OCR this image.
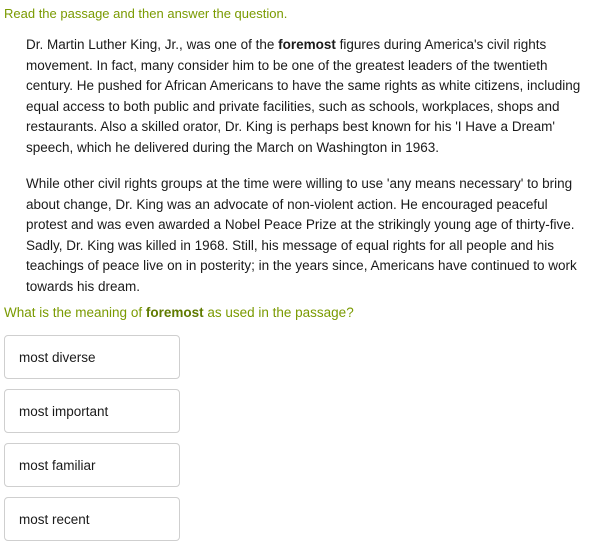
Read the passage and then answer the question.

Dr. Martin Luther King, Jr., was one of the foremost figures during America's civil rights movement. In fact, many consider him to be one of the greatest leaders of the twentieth century. He pushed for African Americans to have the same rights as white citizens, including equal access to both public and private facilities, such as schools, workplaces, shops and restaurants. Also a skilled orator, Dr. King is perhaps best known for his 'I Have a Dream' speech, which he delivered during the March on Washington in 1963.

While other civil rights groups at the time were willing to use 'any means necessary' to bring about change, Dr. King was an advocate of non-violent action. He encouraged peaceful protest and was even awarded a Nobel Peace Prize at the strikingly young age of thirty-five. Sadly, Dr. King was killed in 1968. Still, his message of equal rights for all people and his teachings of peace live on in posterity; in the years since, Americans have continued to work towards his dream.

What is the meaning of foremost as used in the passage?
most diverse
most important
most familiar
most recent
